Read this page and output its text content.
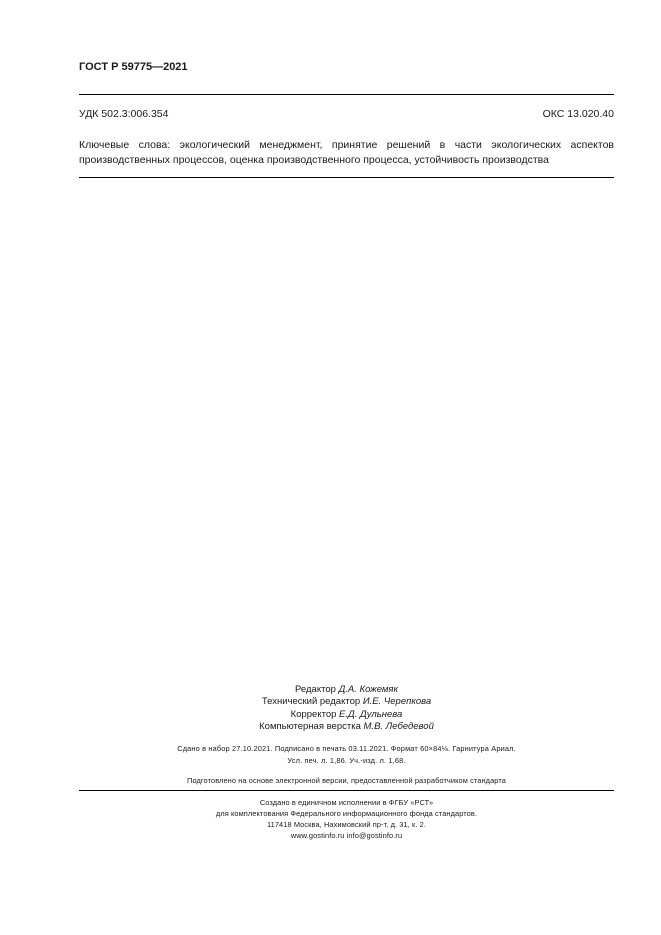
ГОСТ Р 59775—2021
УДК 502.3:006.354	ОКС 13.020.40
Ключевые слова: экологический менеджмент, принятие решений в части экологических аспектов производственных процессов, оценка производственного процесса, устойчивость производства
Редактор Д.А. Кожемяк
Технический редактор И.Е. Черепкова
Корректор Е.Д. Дульнева
Компьютерная верстка М.В. Лебедевой
Сдано в набор 27.10.2021. Подписано в печать 03.11.2021. Формат 60×84⅛. Гарнитура Ариал.
Усл. печ. л. 1,86. Уч.-изд. л. 1,68.
Подготовлено на основе электронной версии, предоставленной разработчиком стандарта
Создано в единичном исполнении в ФГБУ «РСТ»
для комплектования Федерального информационного фонда стандартов.
117418 Москва, Нахимовский пр-т, д. 31, к. 2.
www.gostinfo.ru info@gostinfo.ru
